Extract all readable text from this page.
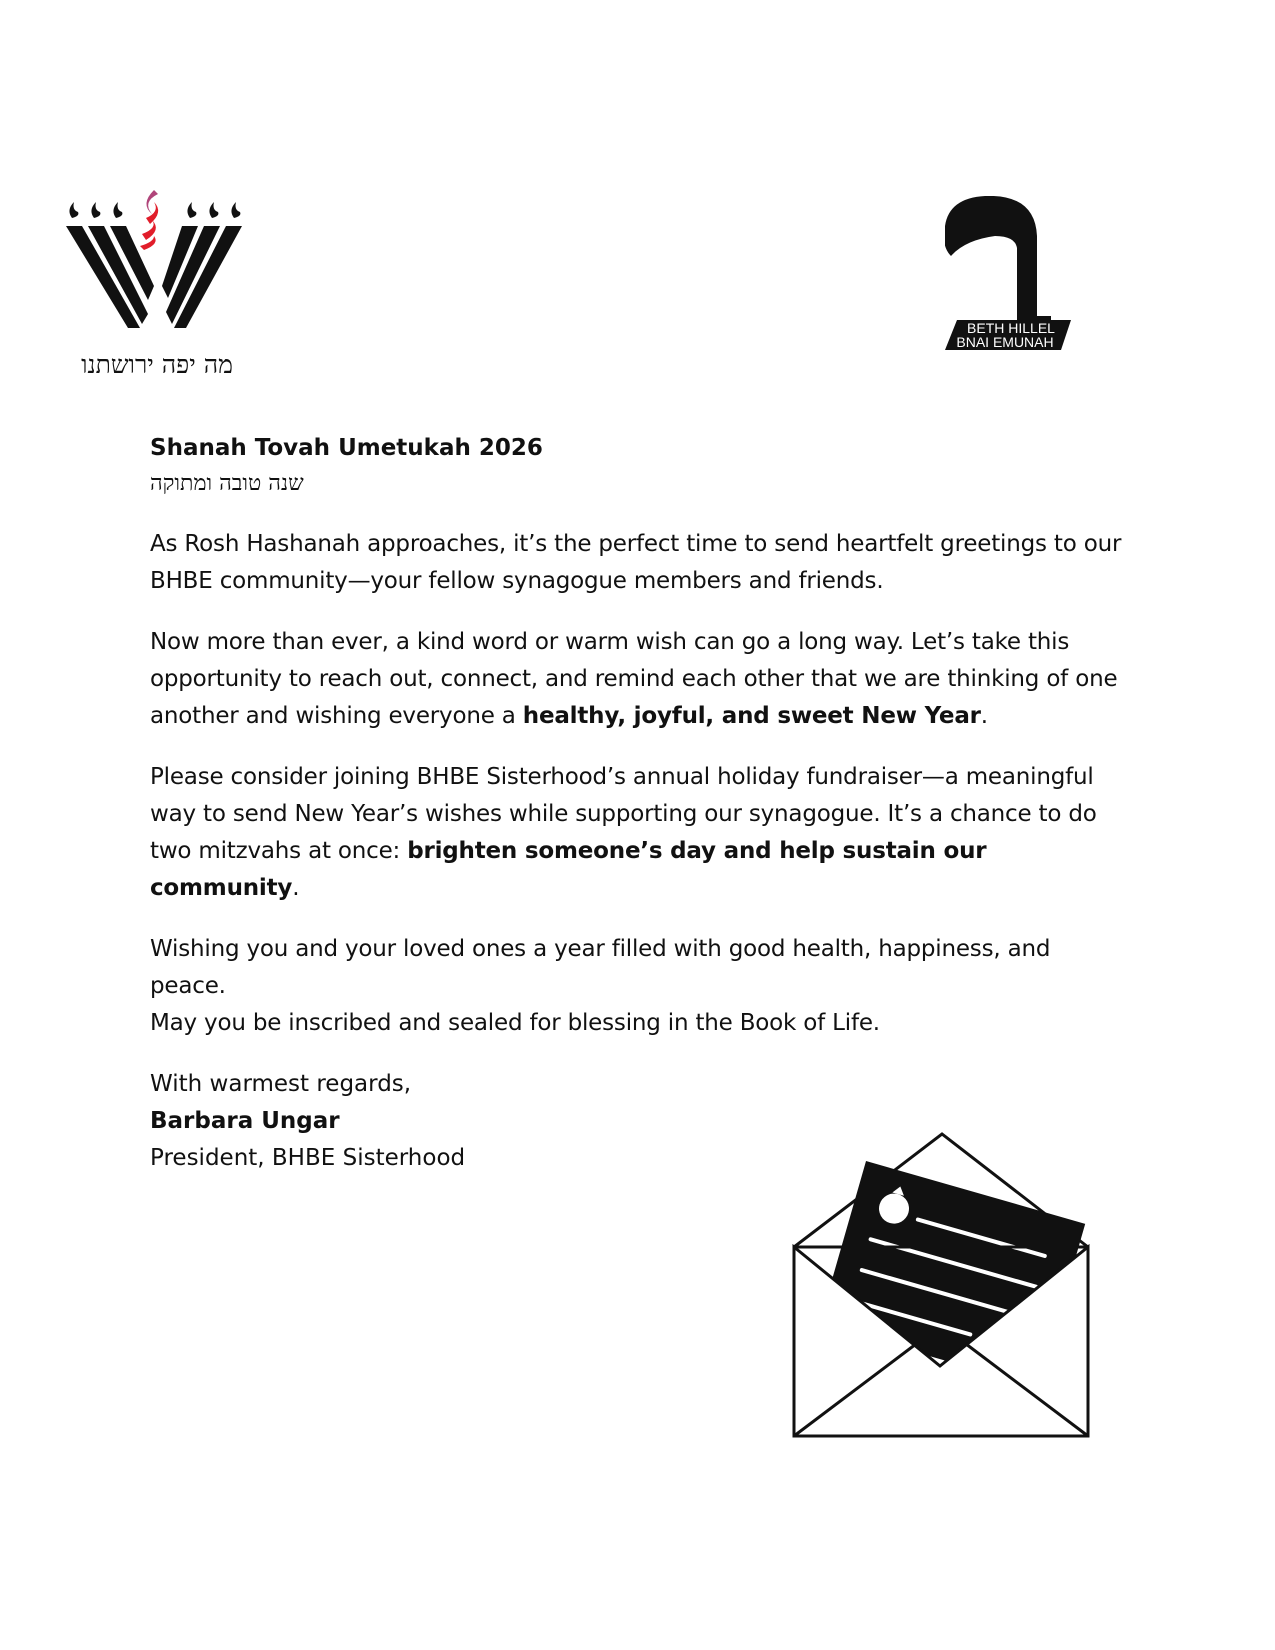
מה יפה ירושתנו
BETH HILLEL
BNAI EMUNAH

Shanah Tovah Umetukah 2026

שנה טובה ומתוקה

As Rosh Hashanah approaches, it’s the perfect time to send heartfelt greetings to our BHBE community—your fellow synagogue members and friends.

Now more than ever, a kind word or warm wish can go a long way. Let’s take this opportunity to reach out, connect, and remind each other that we are thinking of one another and wishing everyone a healthy, joyful, and sweet New Year.

Please consider joining BHBE Sisterhood’s annual holiday fundraiser—a meaningful way to send New Year’s wishes while supporting our synagogue. It’s a chance to do two mitzvahs at once: brighten someone’s day and help sustain our community.

Wishing you and your loved ones a year filled with good health, happiness, and peace.
May you be inscribed and sealed for blessing in the Book of Life.

With warmest regards,

Barbara Ungar
President, BHBE Sisterhood
